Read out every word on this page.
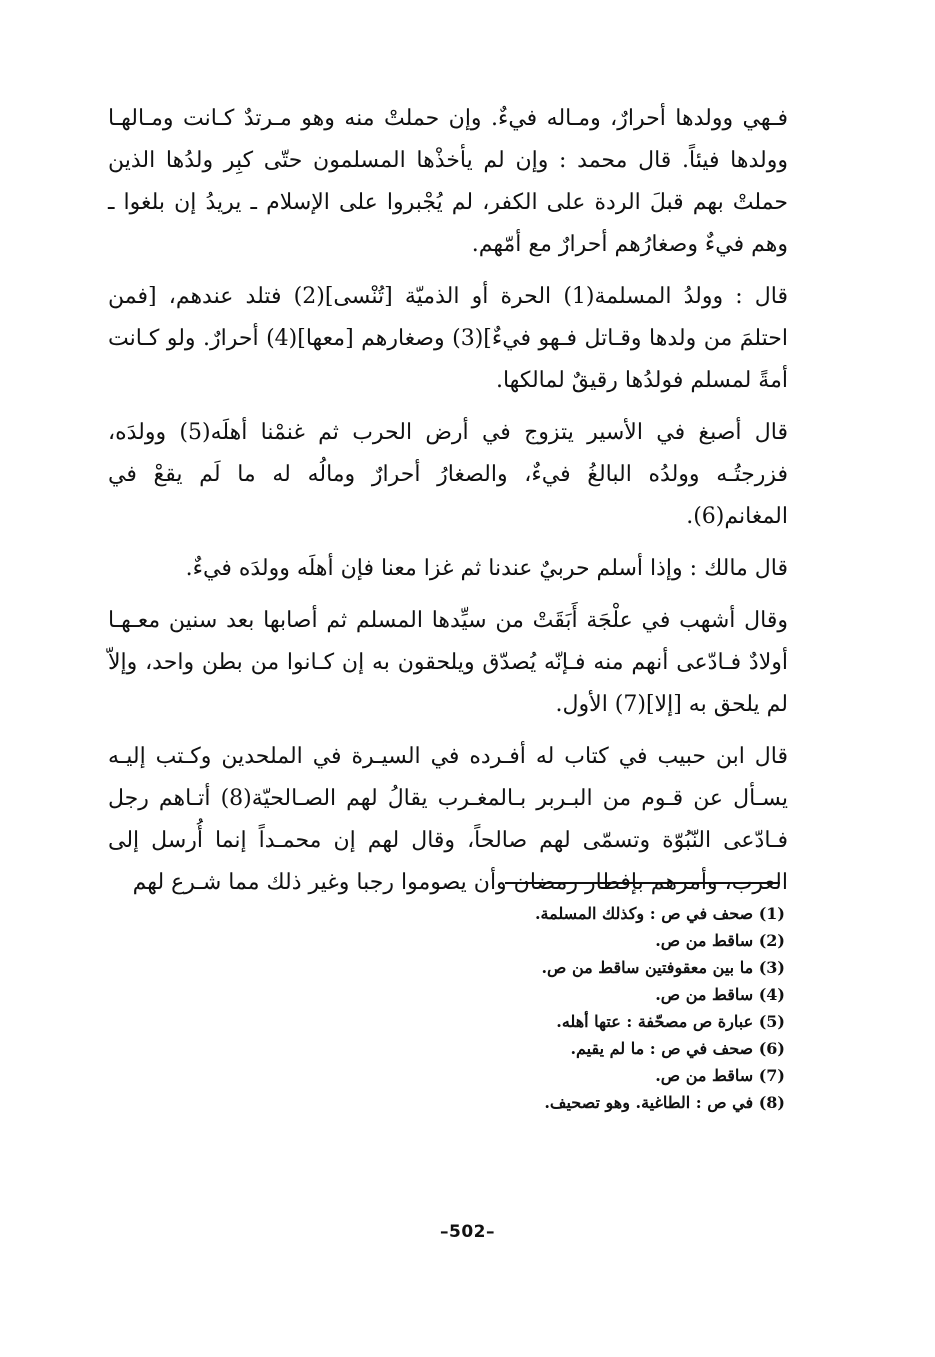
فـهي وولدها أحرارٌ، ومـاله فيءٌ. وإن حملتْ منه وهو مـرتدٌ كـانت ومـالهـا وولدها فيئاً. قال محمد : وإن لم يأخذْها المسلمون حتّى كبِر ولدُها الذين حملتْ بهم قبلَ الردة على الكفر، لم يُجْبروا على الإسلام ـ يريدُ إن بلغوا ـ وهم فيءٌ وصغارُهم أحرارٌ مع أمّهم.

قال : وولدُ المسلمة(1) الحرة أو الذميّة [تُنْسى](2) فتلد عندهم، [فمن احتلمَ من ولدها وقـاتل فـهو فيءٌ](3) وصغارهم [معها](4) أحرارٌ. ولو كـانت أمةً لمسلم فولدُها رقيقٌ لمالكها.

قال أصبغ في الأسير يتزوج في أرض الحرب ثم غنمْنا أهلَه(5) وولدَه، فزرجتُـه وولدُه البالغُ فيءٌ، والصغارُ أحرارٌ ومالُه له ما لَم يقعْ في المغانم(6).

قال مالك : وإذا أسلم حربيٌ عندنا ثم غزا معنا فإن أهلَه وولدَه فيءٌ.

وقال أشهب في علْجَة أَبَقَتْ من سيِّدها المسلم ثم أصابها بعد سنين معـهـا أولادٌ فـادّعى أنهم منه فـإنّه يُصدّق ويلحقون به إن كـانوا من بطن واحد، وإلاّ لم يلحق به [إلا](7) الأول.

قال ابن حبيب في كتاب له أفـرده في السيـرة في الملحدين وكـتب إليـه يسـأل عن قـوم من البـربر بـالمغـرب يقالُ لهم الصـالحيّة(8) أتـاهم رجل فـادّعى النّبُوّة وتسمّى لهم صالحاً، وقال لهم إن محمـداً إنما أُرسل إلى العرب، وأمرهم بإفطار رمضان وأن يصوموا رجبا وغير ذلك مما شـرع لهم

(1) صحف في ص : وكذلك المسلمة.
(2) ساقط من ص.
(3) ما بين معقوفتين ساقط من ص.
(4) ساقط من ص.
(5) عبارة ص مصحّفة : عتها أهله.
(6) صحف في ص : ما لم يقيم.
(7) ساقط من ص.
(8) في ص : الطاغية. وهو تصحيف.
–502–
